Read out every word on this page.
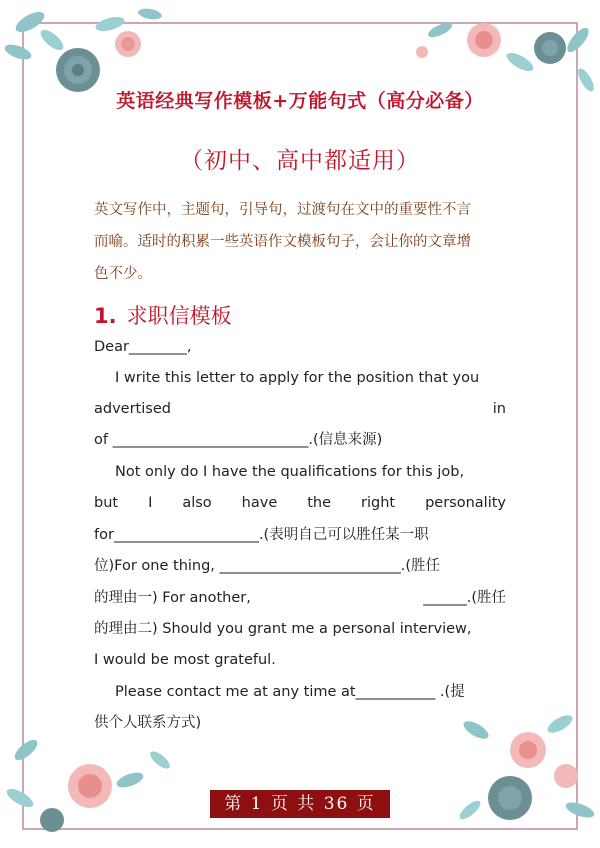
英语经典写作模板+万能句式（高分必备）
（初中、高中都适用）
英文写作中，主题句，引导句，过渡句在文中的重要性不言
而喻。适时的积累一些英语作文模板句子，会让你的文章增
色不少。
1. 求职信模板
Dear________,
I write this letter to apply for the position that you
advertised	in
of ___________________________.(信息来源)
Not only do I have the qualifications for this job,
but I also have the right personality
for____________________.(表明自己可以胜任某一职
位)For one thing, _________________________.(胜任
的理由一) For another,	______.(胜任
的理由二) Should you grant me a personal interview,
I would be most grateful.
Please contact me at any time at___________ .(提
供个人联系方式)
第 1 页 共 36 页
